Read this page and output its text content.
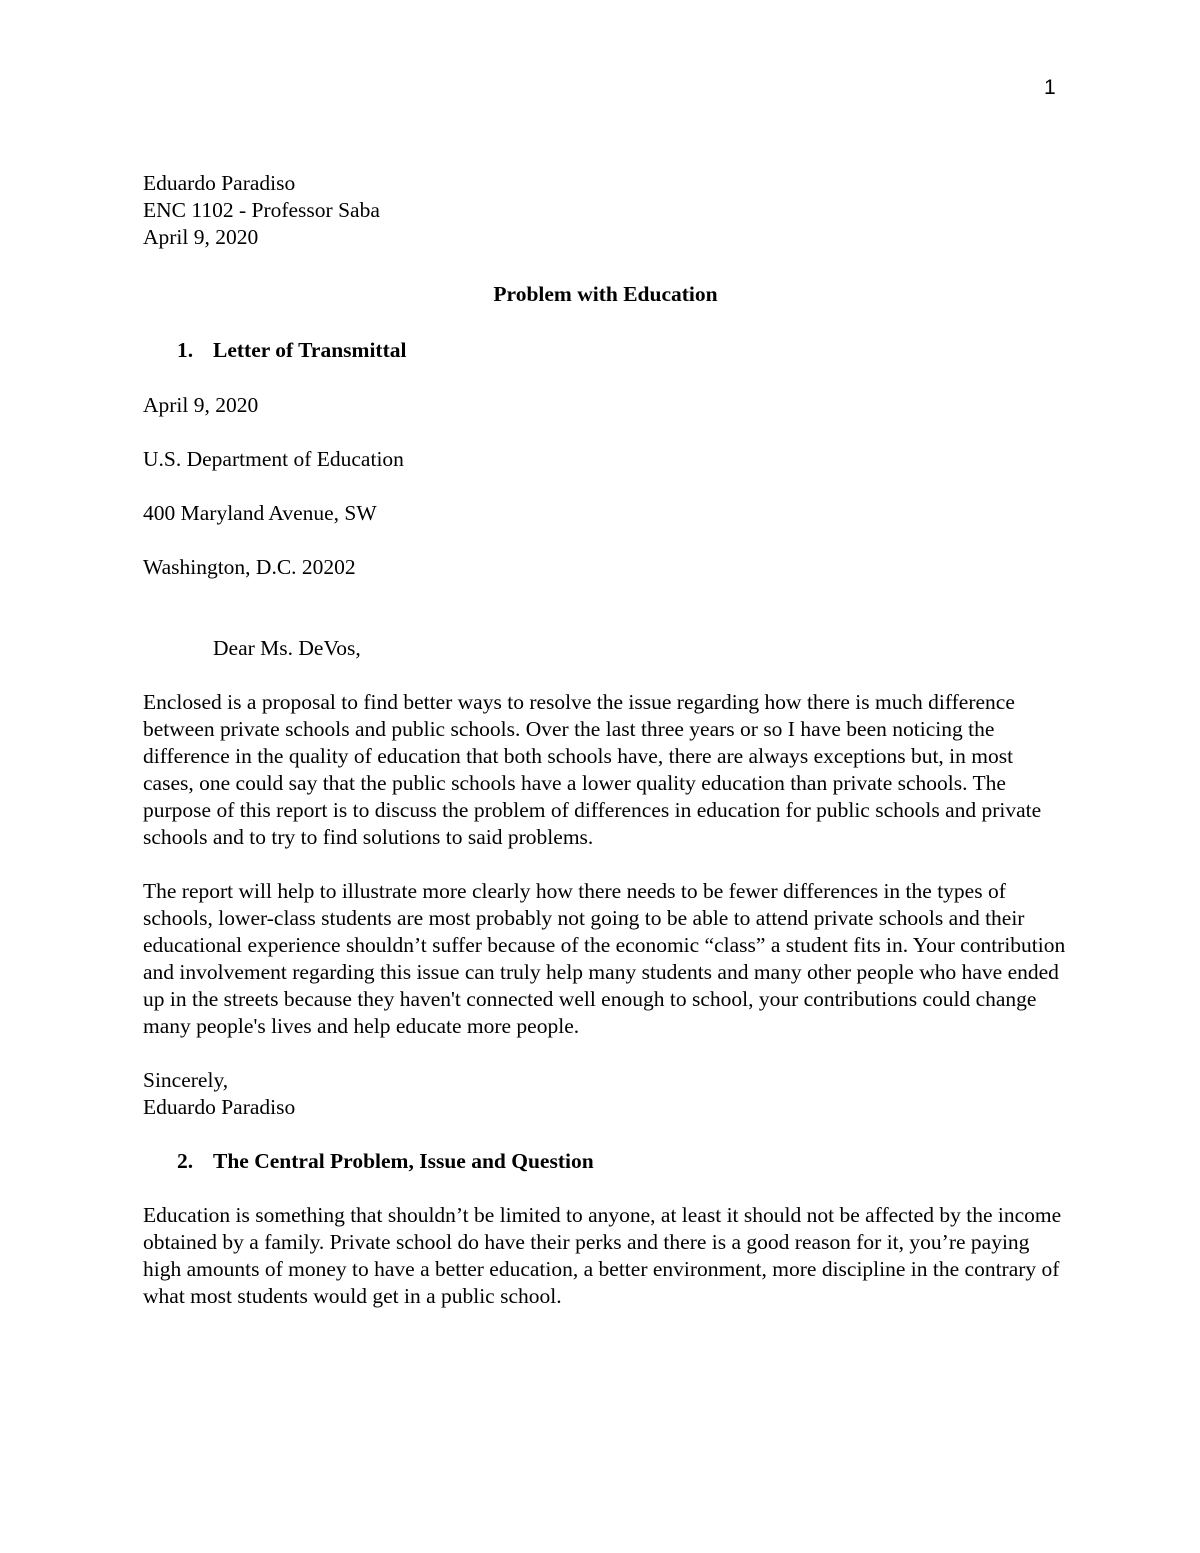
1

Eduardo Paradiso

ENC 1102 - Professor Saba

April 9, 2020

Problem with Education

1. Letter of Transmittal

April 9, 2020

U.S. Department of Education

400 Maryland Avenue, SW

Washington, D.C. 20202

Dear Ms. DeVos,

Enclosed is a proposal to find better ways to resolve the issue regarding how there is much difference between private schools and public schools. Over the last three years or so I have been noticing the difference in the quality of education that both schools have, there are always exceptions but, in most cases, one could say that the public schools have a lower quality education than private schools. The purpose of this report is to discuss the problem of differences in education for public schools and private schools and to try to find solutions to said problems.

The report will help to illustrate more clearly how there needs to be fewer differences in the types of schools, lower-class students are most probably not going to be able to attend private schools and their educational experience shouldn’t suffer because of the economic “class” a student fits in. Your contribution and involvement regarding this issue can truly help many students and many other people who have ended up in the streets because they haven't connected well enough to school, your contributions could change many people's lives and help educate more people.

Sincerely,

Eduardo Paradiso

2. The Central Problem, Issue and Question

Education is something that shouldn’t be limited to anyone, at least it should not be affected by the income obtained by a family. Private school do have their perks and there is a good reason for it, you’re paying high amounts of money to have a better education, a better environment, more discipline in the contrary of what most students would get in a public school.
